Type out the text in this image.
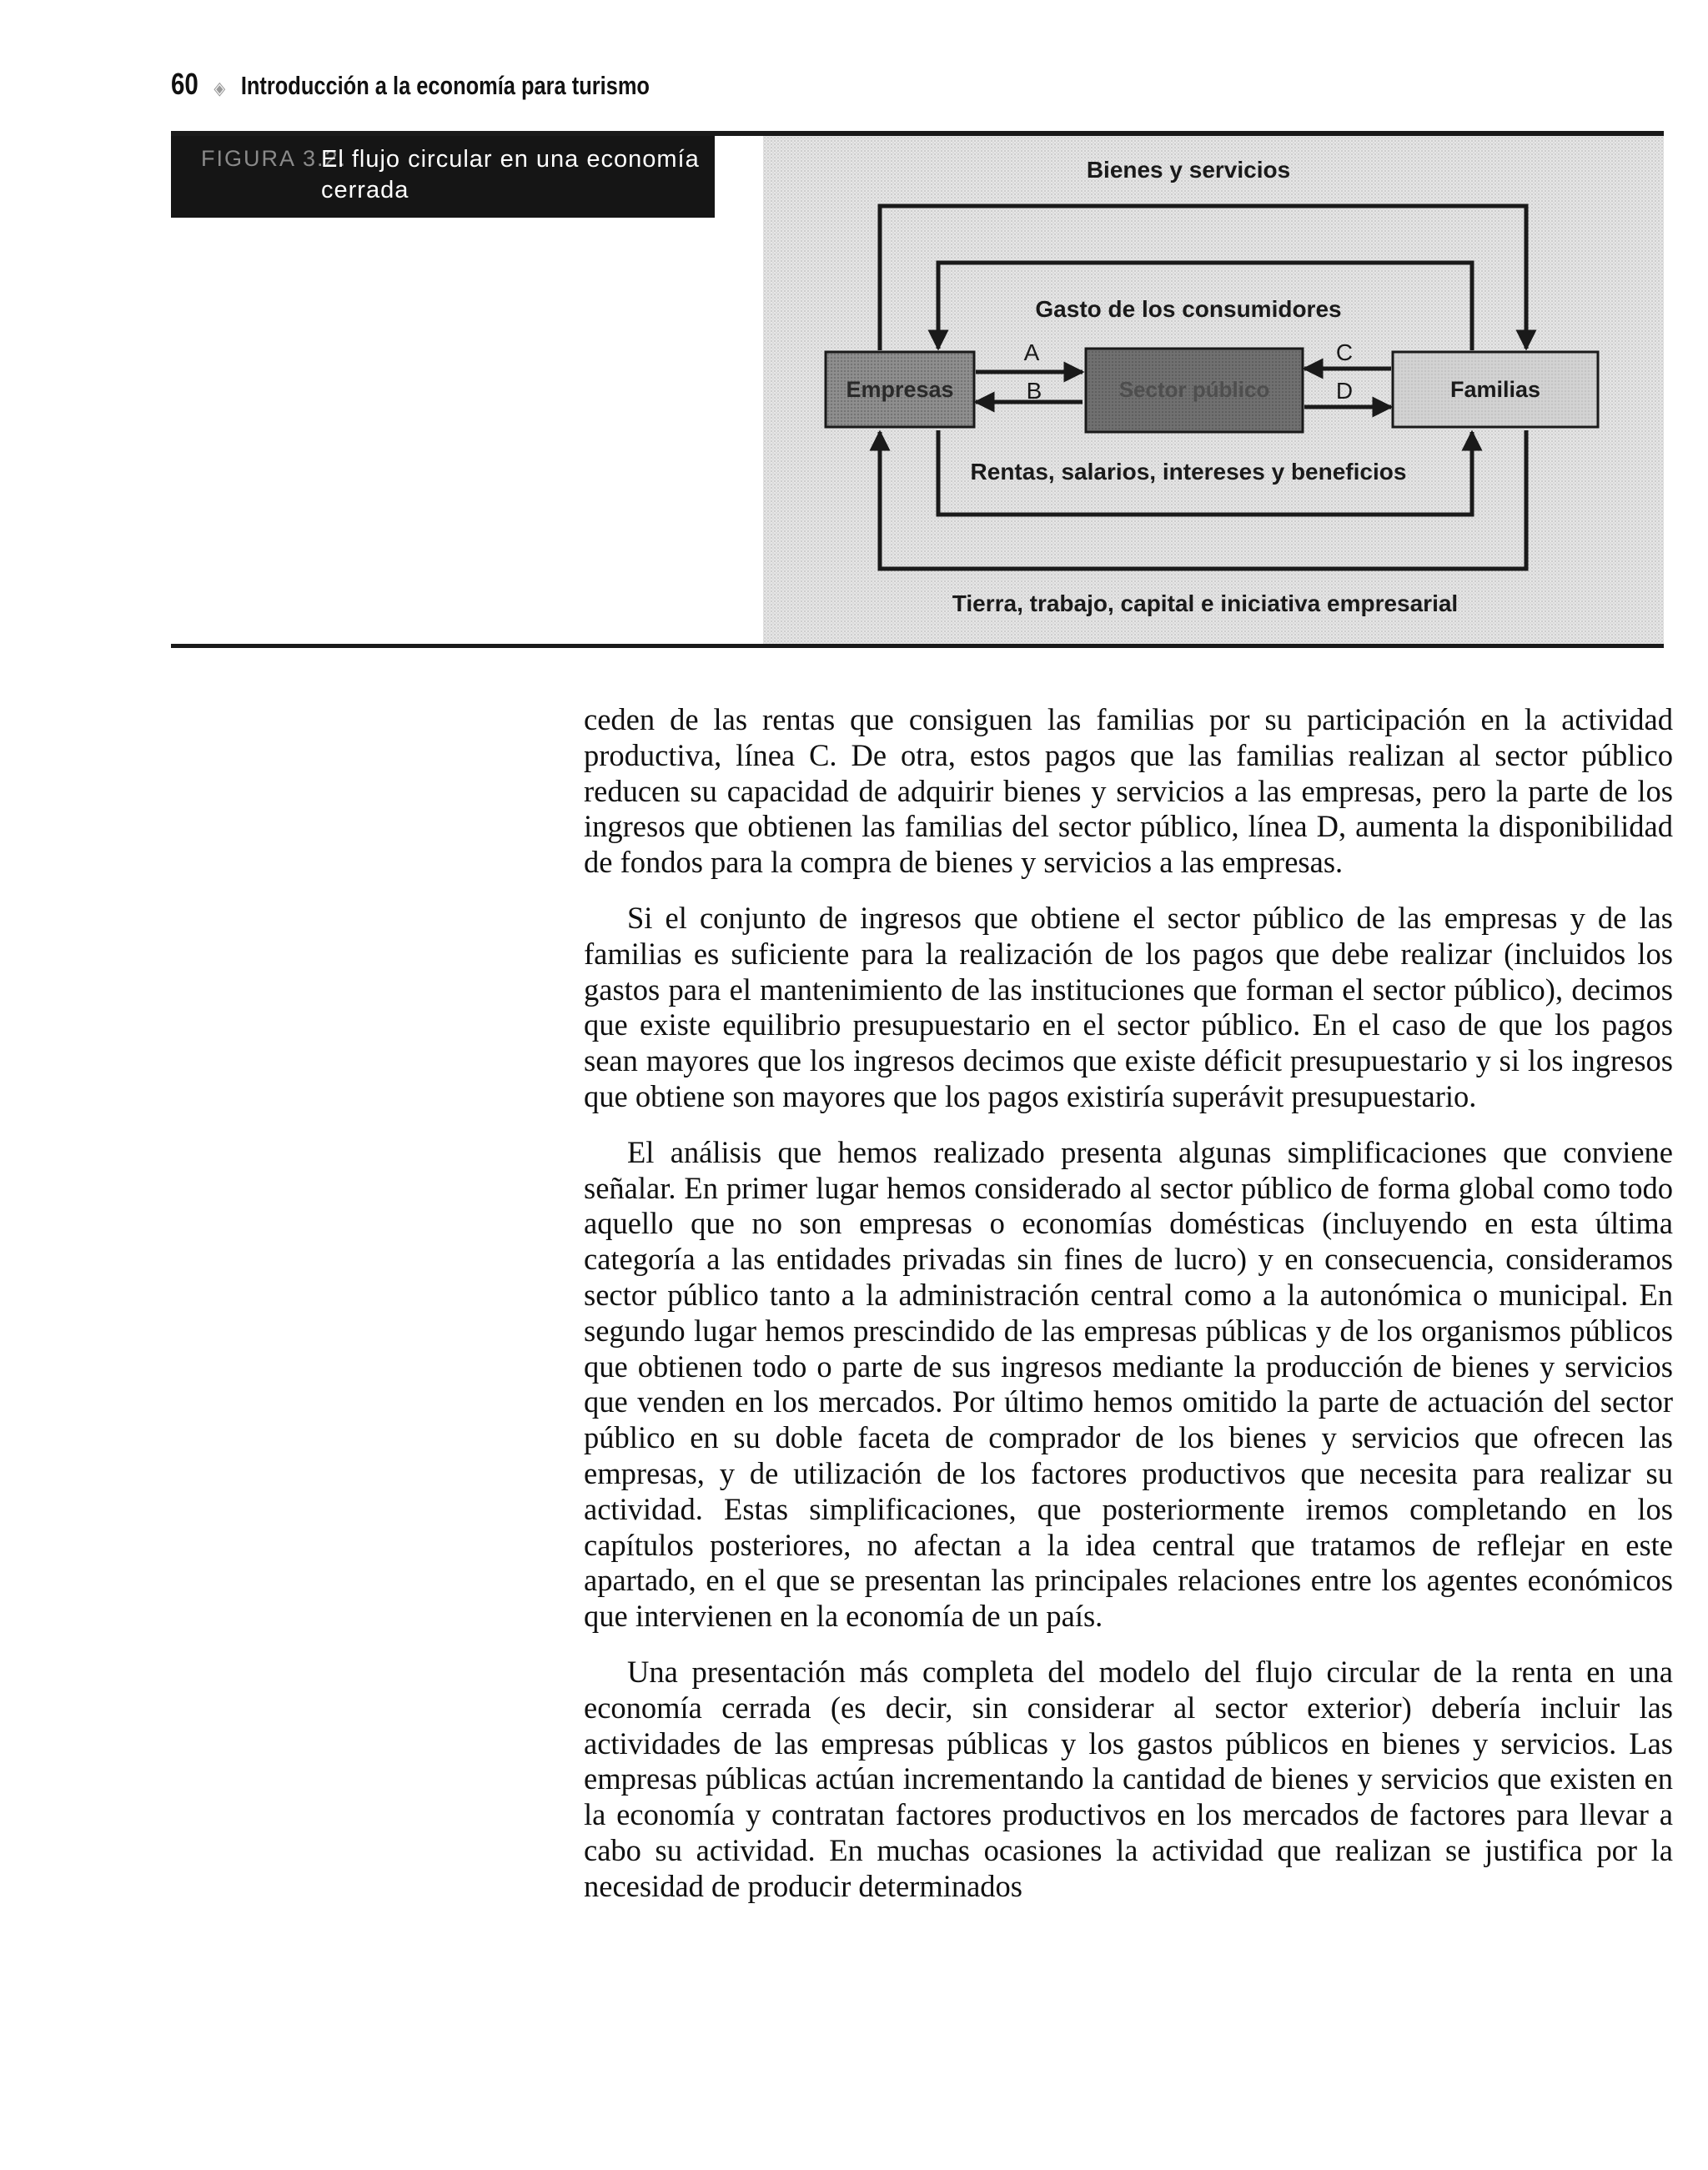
60 ◈ Introducción a la economía para turismo
Empresas	Familias
Sector público
Bienes y servicios
Gasto de los consumidores
Rentas, salarios, intereses y beneficios
Tierra, trabajo, capital e iniciativa empresarial
A
B
C
D
FIGURA 3.2.
El flujo circular en una economía cerrada

ceden de las rentas que consiguen las familias por su participación en la actividad productiva, línea C. De otra, estos pagos que las familias realizan al sector público reducen su capacidad de adquirir bienes y servicios a las empresas, pero la parte de los ingresos que obtienen las familias del sector público, línea D, aumenta la disponibilidad de fondos para la compra de bienes y servicios a las empresas.

Si el conjunto de ingresos que obtiene el sector público de las empresas y de las familias es suficiente para la realización de los pagos que debe realizar (incluidos los gastos para el mantenimiento de las instituciones que forman el sector público), decimos que existe equilibrio presupuestario en el sector público. En el caso de que los pagos sean mayores que los ingresos decimos que existe déficit presupuestario y si los ingresos que obtiene son mayores que los pagos existiría superávit presupuestario.

El análisis que hemos realizado presenta algunas simplificaciones que conviene señalar. En primer lugar hemos considerado al sector público de forma global como todo aquello que no son empresas o economías domésticas (incluyendo en esta última categoría a las entidades privadas sin fines de lucro) y en consecuencia, consideramos sector público tanto a la administración central como a la autonómica o municipal. En segundo lugar hemos prescindido de las empresas públicas y de los organismos públicos que obtienen todo o parte de sus ingresos mediante la producción de bienes y servicios que venden en los mercados. Por último hemos omitido la parte de actuación del sector público en su doble faceta de comprador de los bienes y servicios que ofrecen las empresas, y de utilización de los factores productivos que necesita para realizar su actividad. Estas simplificaciones, que posteriormente iremos completando en los capítulos posteriores, no afectan a la idea central que tratamos de reflejar en este apartado, en el que se presentan las principales relaciones entre los agentes económicos que intervienen en la economía de un país.

Una presentación más completa del modelo del flujo circular de la renta en una economía cerrada (es decir, sin considerar al sector exterior) debería incluir las actividades de las empresas públicas y los gastos públicos en bienes y servicios. Las empresas públicas actúan incrementando la cantidad de bienes y servicios que existen en la economía y contratan factores productivos en los mercados de factores para llevar a cabo su actividad. En muchas ocasiones la actividad que realizan se justifica por la necesidad de producir determinados
